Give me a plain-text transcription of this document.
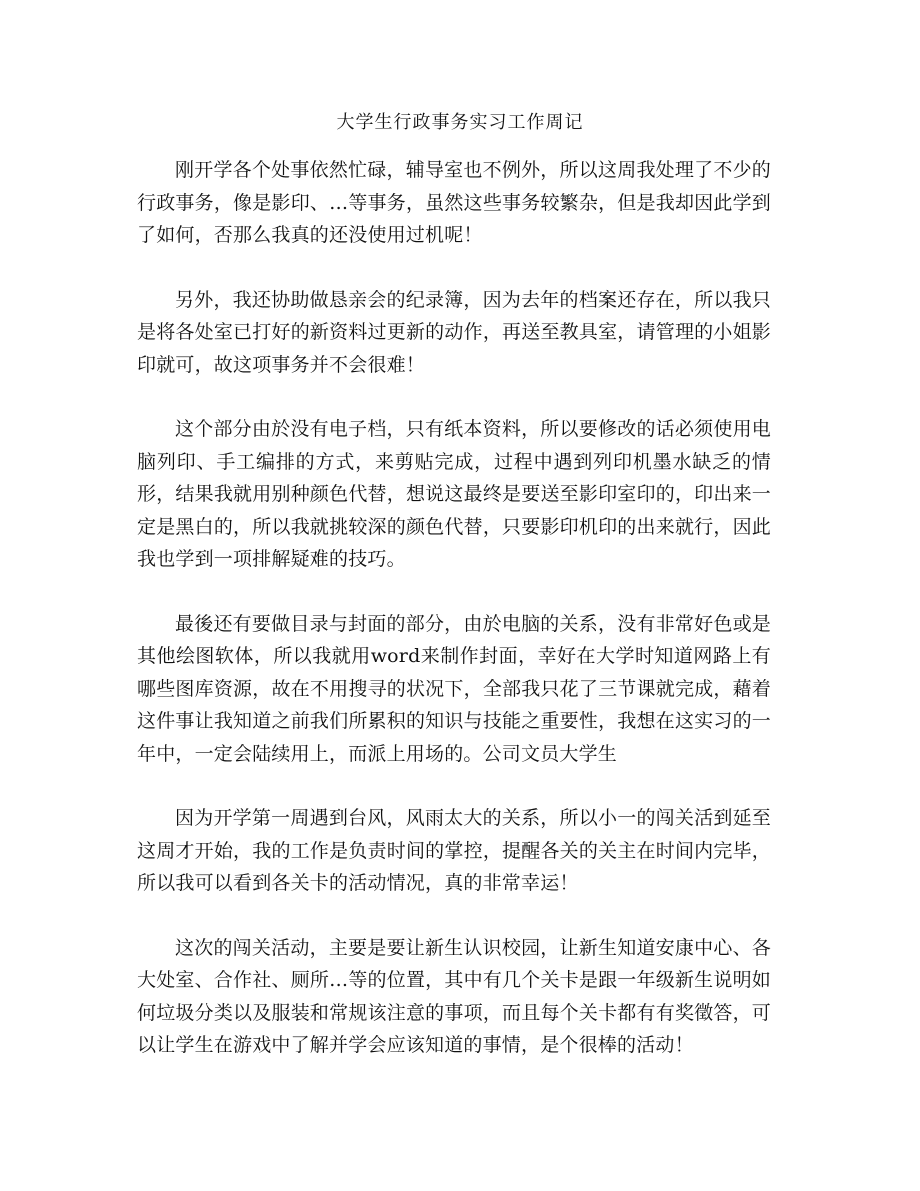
大学生行政事务实习工作周记

刚开学各个处事依然忙碌，辅导室也不例外，所以这周我处理了不少的行政事务，像是影印、…等事务，虽然这些事务较繁杂，但是我却因此学到了如何，否那么我真的还没使用过机呢！

另外，我还协助做恳亲会的纪录簿，因为去年的档案还存在，所以我只是将各处室已打好的新资料过更新的动作，再送至教具室，请管理的小姐影印就可，故这项事务并不会很难！

这个部分由於没有电子档，只有纸本资料，所以要修改的话必须使用电脑列印、手工编排的方式，来剪贴完成，过程中遇到列印机墨水缺乏的情形，结果我就用别种颜色代替，想说这最终是要送至影印室印的，印出来一定是黑白的，所以我就挑较深的颜色代替，只要影印机印的出来就行，因此我也学到一项排解疑难的技巧。

最後还有要做目录与封面的部分，由於电脑的关系，没有非常好色或是其他绘图软体，所以我就用word来制作封面，幸好在大学时知道网路上有哪些图库资源，故在不用搜寻的状况下，全部我只花了三节课就完成，藉着这件事让我知道之前我们所累积的知识与技能之重要性，我想在这实习的一年中，一定会陆续用上，而派上用场的。公司文员大学生

因为开学第一周遇到台风，风雨太大的关系，所以小一的闯关活到延至这周才开始，我的工作是负责时间的掌控，提醒各关的关主在时间内完毕，所以我可以看到各关卡的活动情况，真的非常幸运！

这次的闯关活动，主要是要让新生认识校园，让新生知道安康中心、各大处室、合作社、厕所…等的位置，其中有几个关卡是跟一年级新生说明如何垃圾分类以及服装和常规该注意的事项，而且每个关卡都有有奖徵答，可以让学生在游戏中了解并学会应该知道的事情，是个很棒的活动！
